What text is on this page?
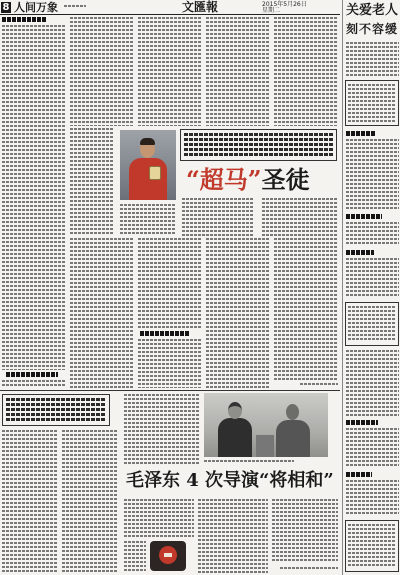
8 人间万象	文匯報	2015年5月26日
星期二	关爱老人
刻不容缓
“超马”圣徒
毛泽东 4 次导演“将相和”
